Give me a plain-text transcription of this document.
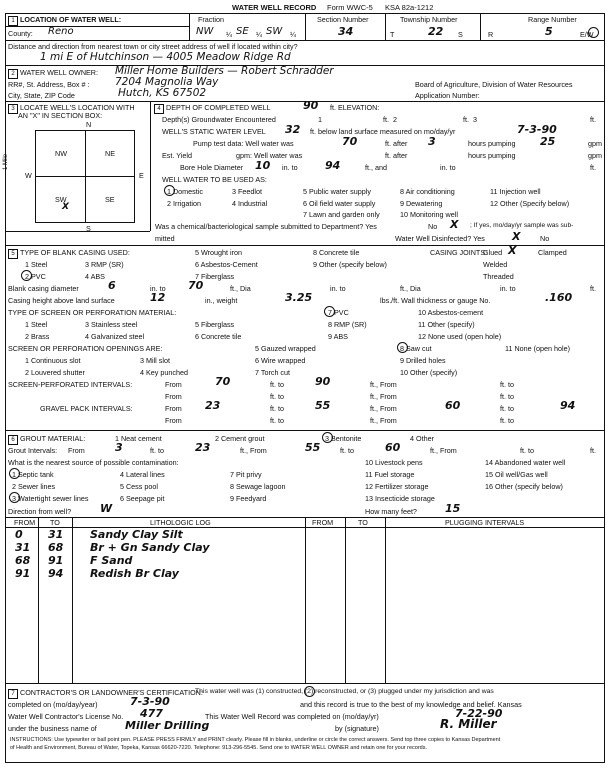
WATER WELL RECORD Form WWC-5 KSA 82a-1212
1 LOCATION OF WATER WELL:
County: Reno
Fraction
NW ¼ SE ¼ SW ¼
Section Number
34
Township Number
T	22 S
Range Number
R	5	E/W
Distance and direction from nearest town or city street address of well if located within city?
1 mi E of Hutchinson — 4005 Meadow Ridge Rd
2 WATER WELL OWNER: Miller Home Builders — Robert Schradder
RR#, St. Address, Box # : 7204 Magnolia Way	Board of Agriculture, Division of Water Resources
City, State, ZIP Code	Hutch, KS 67502	Application Number:
3 LOCATE WELL'S LOCATION WITH
AN "X" IN SECTION BOX:
N
S
W	E
1 Mile
NW	NE
SW	SE
X
4 DEPTH OF COMPLETED WELL	90 ft. ELEVATION:
Depth(s) Groundwater Encountered	1	ft. 2	ft. 3	ft.
WELL'S STATIC WATER LEVEL 32 ft. below land surface measured on mo/day/yr	7-3-90
Pump test data: Well water was	70	ft. after 3	hours pumping 25	gpm
Est. Yield	gpm: Well water was	ft. after	hours pumping	gpm
Bore Hole Diameter 10 in. to 94	ft., and	in. to	ft.
WELL WATER TO BE USED AS:
1 Domestic	3 Feedlot	5 Public water supply	8 Air conditioning	11 Injection well
2 Irrigation	4 Industrial	6 Oil field water supply	9 Dewatering	12 Other (Specify below)
7 Lawn and garden only	10 Monitoring well
Was a chemical/bacteriological sample submitted to Department? Yes	No X ; If yes, mo/day/yr sample was sub-
mitted	Water Well Disinfected? Yes X	No
5 TYPE OF BLANK CASING USED:
1 Steel
2 PVC
3 RMP (SR)
4 ABS
5 Wrought iron
6 Asbestos-Cement
7 Fiberglass
8 Concrete tile
9 Other (specify below)
CASING JOINTS:
Glued X	Clamped
Welded
Threaded
Blank casing diameter	6	in. to 70	ft., Dia	in. to	ft., Dia	in. to	ft.
Casing height above land surface	12	in., weight	3.25	lbs./ft. Wall thickness or gauge No.	.160
TYPE OF SCREEN OR PERFORATION MATERIAL:
1 Steel
2 Brass
3 Stainless steel
4 Galvanized steel
5 Fiberglass
6 Concrete tile
7 PVC
8 RMP (SR)
9 ABS
10 Asbestos-cement
11 Other (specify)
12 None used (open hole)
SCREEN OR PERFORATION OPENINGS ARE:
1 Continuous slot
2 Louvered shutter
3 Mill slot
4 Key punched
5 Gauzed wrapped
6 Wire wrapped
7 Torch cut
8 Saw cut
9 Drilled holes
10 Other (specify)
11 None (open hole)
SCREEN-PERFORATED INTERVALS:	From	70	ft. to	90	ft., From	ft. to
From	ft. to	ft., From	ft. to
GRAVEL PACK INTERVALS:	From 23	ft. to	55	ft., From	60	ft. to	94
From	ft. to	ft., From	ft. to
6 GROUT MATERIAL:	1 Neat cement	2 Cement grout	3 Bentonite	4 Other
Grout Intervals: From	3	ft. to	23	ft., From	55	ft. to	60	ft., From	ft. to	ft.
What is the nearest source of possible contamination:
1 Septic tank
2 Sewer lines
3 Watertight sewer lines
4 Lateral lines
5 Cess pool
6 Seepage pit
7 Pit privy
8 Sewage lagoon
9 Feedyard
10 Livestock pens
11 Fuel storage
12 Fertilizer storage
13 Insecticide storage
14 Abandoned water well
15 Oil well/Gas well
16 Other (specify below)
Direction from well?	W	How many feet?	15
FROM TO	LITHOLOGIC LOG	FROM	TO	PLUGGING INTERVALS
0 31 Sandy Clay Silt
31 68 Br + Gn Sandy Clay
68 91 F Sand
91 94 Redish Br Clay
7 CONTRACTOR'S OR LANDOWNER'S CERTIFICATION:
This water well was (1) constructed, (2) reconstructed, or (3) plugged under my jurisdiction and was
completed on (mo/day/year)	7-3-90	and this record is true to the best of my knowledge and belief. Kansas
Water Well Contractor's License No. 477	This Water Well Record was completed on (mo/day/yr)	7-22-90
under the business name of	Miller Drilling	by (signature)	R. Miller
INSTRUCTIONS: Use typewriter or ball point pen. PLEASE PRESS FIRMLY and PRINT clearly. Please fill in blanks, underline or circle the correct answers. Send top three copies to Kansas Department
of Health and Environment, Bureau of Water, Topeka, Kansas 66620-7220. Telephone: 913-296-5545. Send one to WATER WELL OWNER and retain one for your records.
